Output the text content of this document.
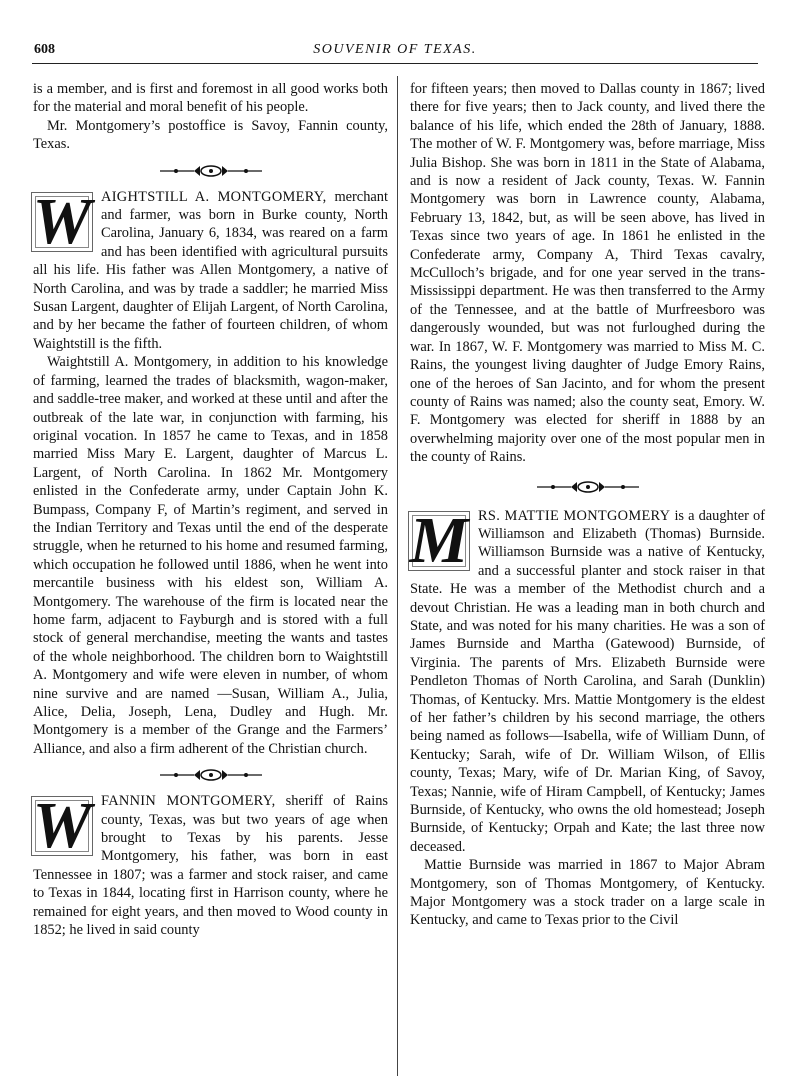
608	SOUVENIR OF TEXAS.

is a member, and is first and foremost in all good works both for the material and moral benefit of his people.

Mr. Montgomery’s postoffice is Savoy, Fannin county, Texas.

W AIGHTSTILL A. MONTGOMERY, merchant and farmer, was born in Burke county, North Carolina, January 6, 1834, was reared on a farm and has been identified with agricultural pursuits all his life. His father was Allen Montgomery, a native of North Carolina, and was by trade a saddler; he married Miss Susan Largent, daughter of Elijah Largent, of North Carolina, and by her became the father of fourteen children, of whom Waightstill is the fifth.

Waightstill A. Montgomery, in addition to his knowledge of farming, learned the trades of blacksmith, wagon-maker, and saddle-tree maker, and worked at these until and after the outbreak of the late war, in conjunction with farming, his original vocation. In 1857 he came to Texas, and in 1858 married Miss Mary E. Largent, daughter of Marcus L. Largent, of North Carolina. In 1862 Mr. Montgomery enlisted in the Confederate army, under Captain John K. Bumpass, Company F, of Martin’s regiment, and served in the Indian Territory and Texas until the end of the desperate struggle, when he returned to his home and resumed farming, which occupation he followed until 1886, when he went into mercantile business with his eldest son, William A. Montgomery. The warehouse of the firm is located near the home farm, adjacent to Fayburgh and is stored with a full stock of general merchandise, meeting the wants and tastes of the whole neighborhood. The children born to Waightstill A. Montgomery and wife were eleven in number, of whom nine survive and are named —Susan, William A., Julia, Alice, Delia, Joseph, Lena, Dudley and Hugh. Mr. Montgomery is a member of the Grange and the Farmers’ Alliance, and also a firm adherent of the Christian church.

W FANNIN MONTGOMERY, sheriff of Rains county, Texas, was but two years of age when brought to Texas by his parents. Jesse Montgomery, his father, was born in east Tennessee in 1807; was a farmer and stock raiser, and came to Texas in 1844, locating first in Harrison county, where he remained for eight years, and then moved to Wood county in 1852; he lived in said county

for fifteen years; then moved to Dallas county in 1867; lived there for five years; then to Jack county, and lived there the balance of his life, which ended the 28th of January, 1888. The mother of W. F. Montgomery was, before marriage, Miss Julia Bishop. She was born in 1811 in the State of Alabama, and is now a resident of Jack county, Texas. W. Fannin Montgomery was born in Lawrence county, Alabama, February 13, 1842, but, as will be seen above, has lived in Texas since two years of age. In 1861 he enlisted in the Confederate army, Company A, Third Texas cavalry, McCulloch’s brigade, and for one year served in the trans-Mississippi department. He was then transferred to the Army of the Tennessee, and at the battle of Murfreesboro was dangerously wounded, but was not furloughed during the war. In 1867, W. F. Montgomery was married to Miss M. C. Rains, the youngest living daughter of Judge Emory Rains, one of the heroes of San Jacinto, and for whom the present county of Rains was named; also the county seat, Emory. W. F. Montgomery was elected for sheriff in 1888 by an overwhelming majority over one of the most popular men in the county of Rains.

M RS. MATTIE MONTGOMERY is a daughter of Williamson and Elizabeth (Thomas) Burnside. Williamson Burnside was a native of Kentucky, and a successful planter and stock raiser in that State. He was a member of the Methodist church and a devout Christian. He was a leading man in both church and State, and was noted for his many charities. He was a son of James Burnside and Martha (Gatewood) Burnside, of Virginia. The parents of Mrs. Elizabeth Burnside were Pendleton Thomas of North Carolina, and Sarah (Dunklin) Thomas, of Kentucky. Mrs. Mattie Montgomery is the eldest of her father’s children by his second marriage, the others being named as follows—Isabella, wife of William Dunn, of Kentucky; Sarah, wife of Dr. William Wilson, of Ellis county, Texas; Mary, wife of Dr. Marian King, of Savoy, Texas; Nannie, wife of Hiram Campbell, of Kentucky; James Burnside, of Kentucky, who owns the old homestead; Joseph Burnside, of Kentucky; Orpah and Kate; the last three now deceased.

Mattie Burnside was married in 1867 to Major Abram Montgomery, son of Thomas Montgomery, of Kentucky. Major Montgomery was a stock trader on a large scale in Kentucky, and came to Texas prior to the Civil
